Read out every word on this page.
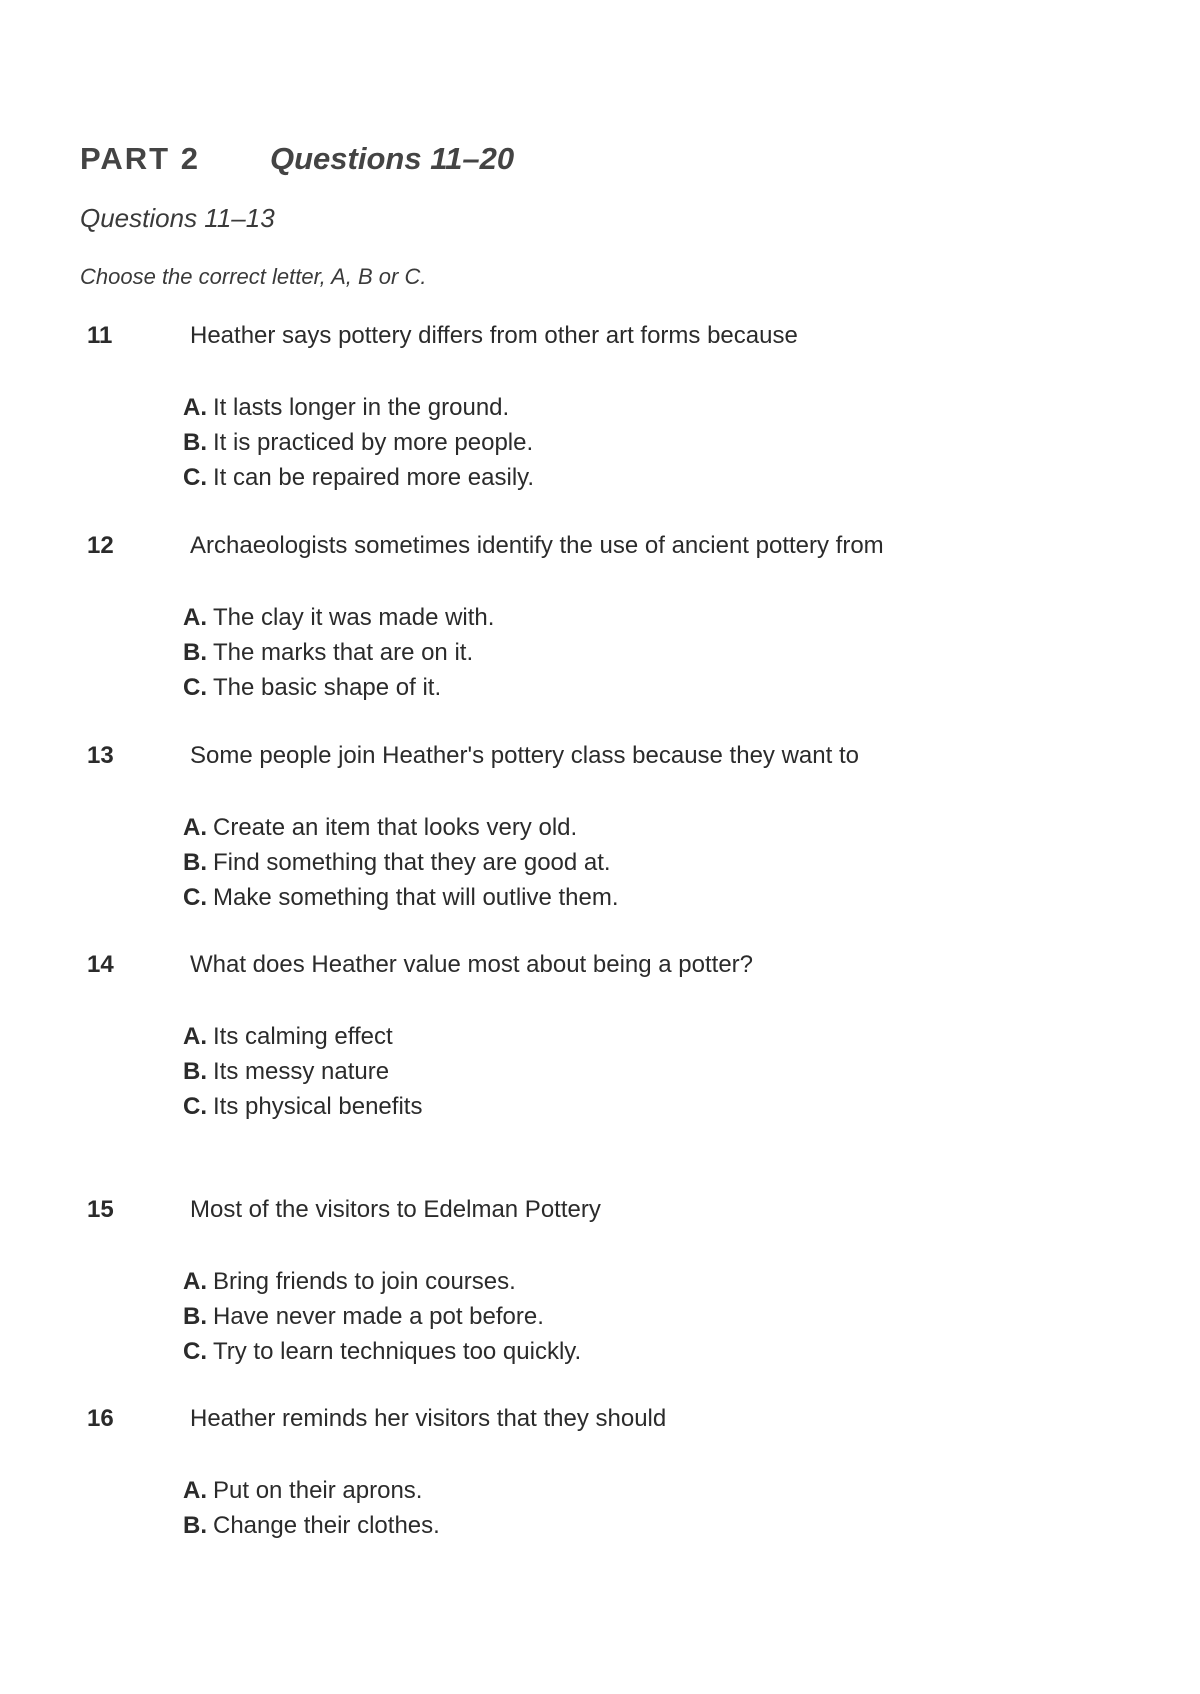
PART 2 Questions 11–20
Questions 11–13
Choose the correct letter, A, B or C.
11	Heather says pottery differs from other art forms because
A. It lasts longer in the ground.
B. It is practiced by more people.
C. It can be repaired more easily.
12	Archaeologists sometimes identify the use of ancient pottery from
A. The clay it was made with.
B. The marks that are on it.
C. The basic shape of it.
13	Some people join Heather's pottery class because they want to
A. Create an item that looks very old.
B. Find something that they are good at.
C. Make something that will outlive them.
14	What does Heather value most about being a potter?
A. Its calming effect
B. Its messy nature
C. Its physical benefits
15	Most of the visitors to Edelman Pottery
A. Bring friends to join courses.
B. Have never made a pot before.
C. Try to learn techniques too quickly.
16	Heather reminds her visitors that they should
A. Put on their aprons.
B. Change their clothes.
